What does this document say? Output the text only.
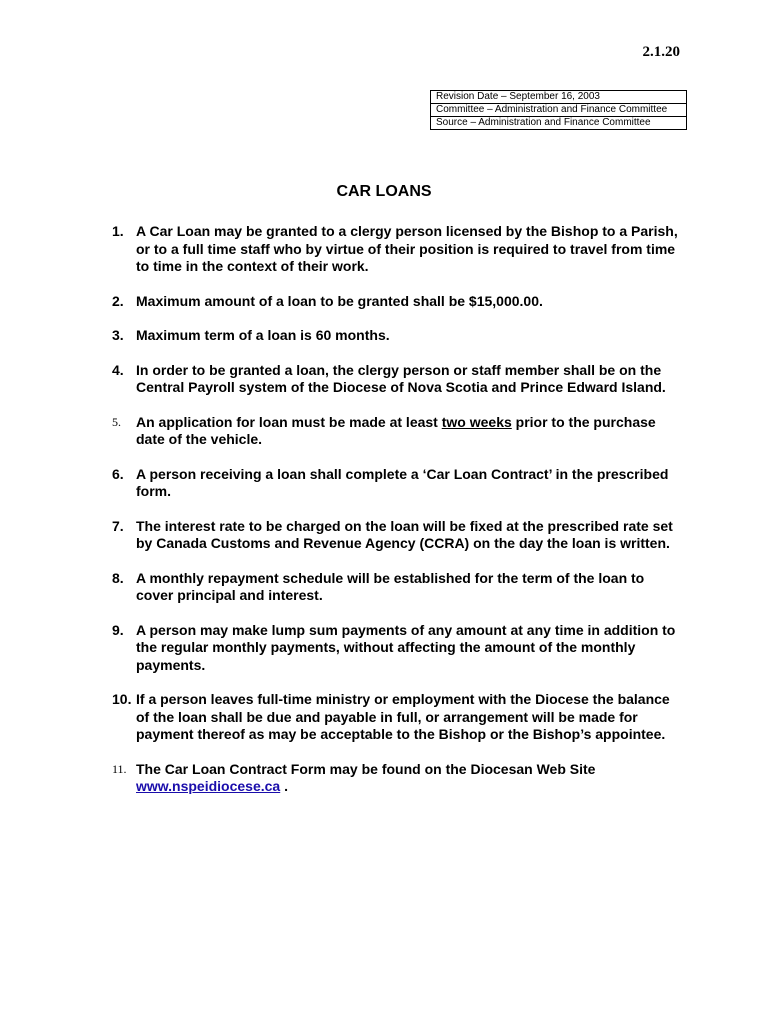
2.1.20
Revision Date – September 16, 2003
Committee – Administration and Finance Committee
Source – Administration and Finance Committee
CAR LOANS
1. A Car Loan may be granted to a clergy person licensed by the Bishop to a Parish, or to a full time staff who by virtue of their position is required to travel from time to time in the context of their work.
2. Maximum amount of a loan to be granted shall be $15,000.00.
3. Maximum term of a loan is 60 months.
4. In order to be granted a loan, the clergy person or staff member shall be on the Central Payroll system of the Diocese of Nova Scotia and Prince Edward Island.
5.	An application for loan must be made at least two weeks prior to the purchase date of the vehicle.
6. A person receiving a loan shall complete a ‘Car Loan Contract’ in the prescribed form.
7. The interest rate to be charged on the loan will be fixed at the prescribed rate set by Canada Customs and Revenue Agency (CCRA) on the day the loan is written.
8. A monthly repayment schedule will be established for the term of the loan to cover principal and interest.
9. A person may make lump sum payments of any amount at any time in addition to the regular monthly payments, without affecting the amount of the monthly payments.
10. If a person leaves full-time ministry or employment with the Diocese the balance of the loan shall be due and payable in full, or arrangement will be made for payment thereof as may be acceptable to the Bishop or the Bishop’s appointee.
11. The Car Loan Contract Form may be found on the Diocesan Web Site www.nspeidiocese.ca .
